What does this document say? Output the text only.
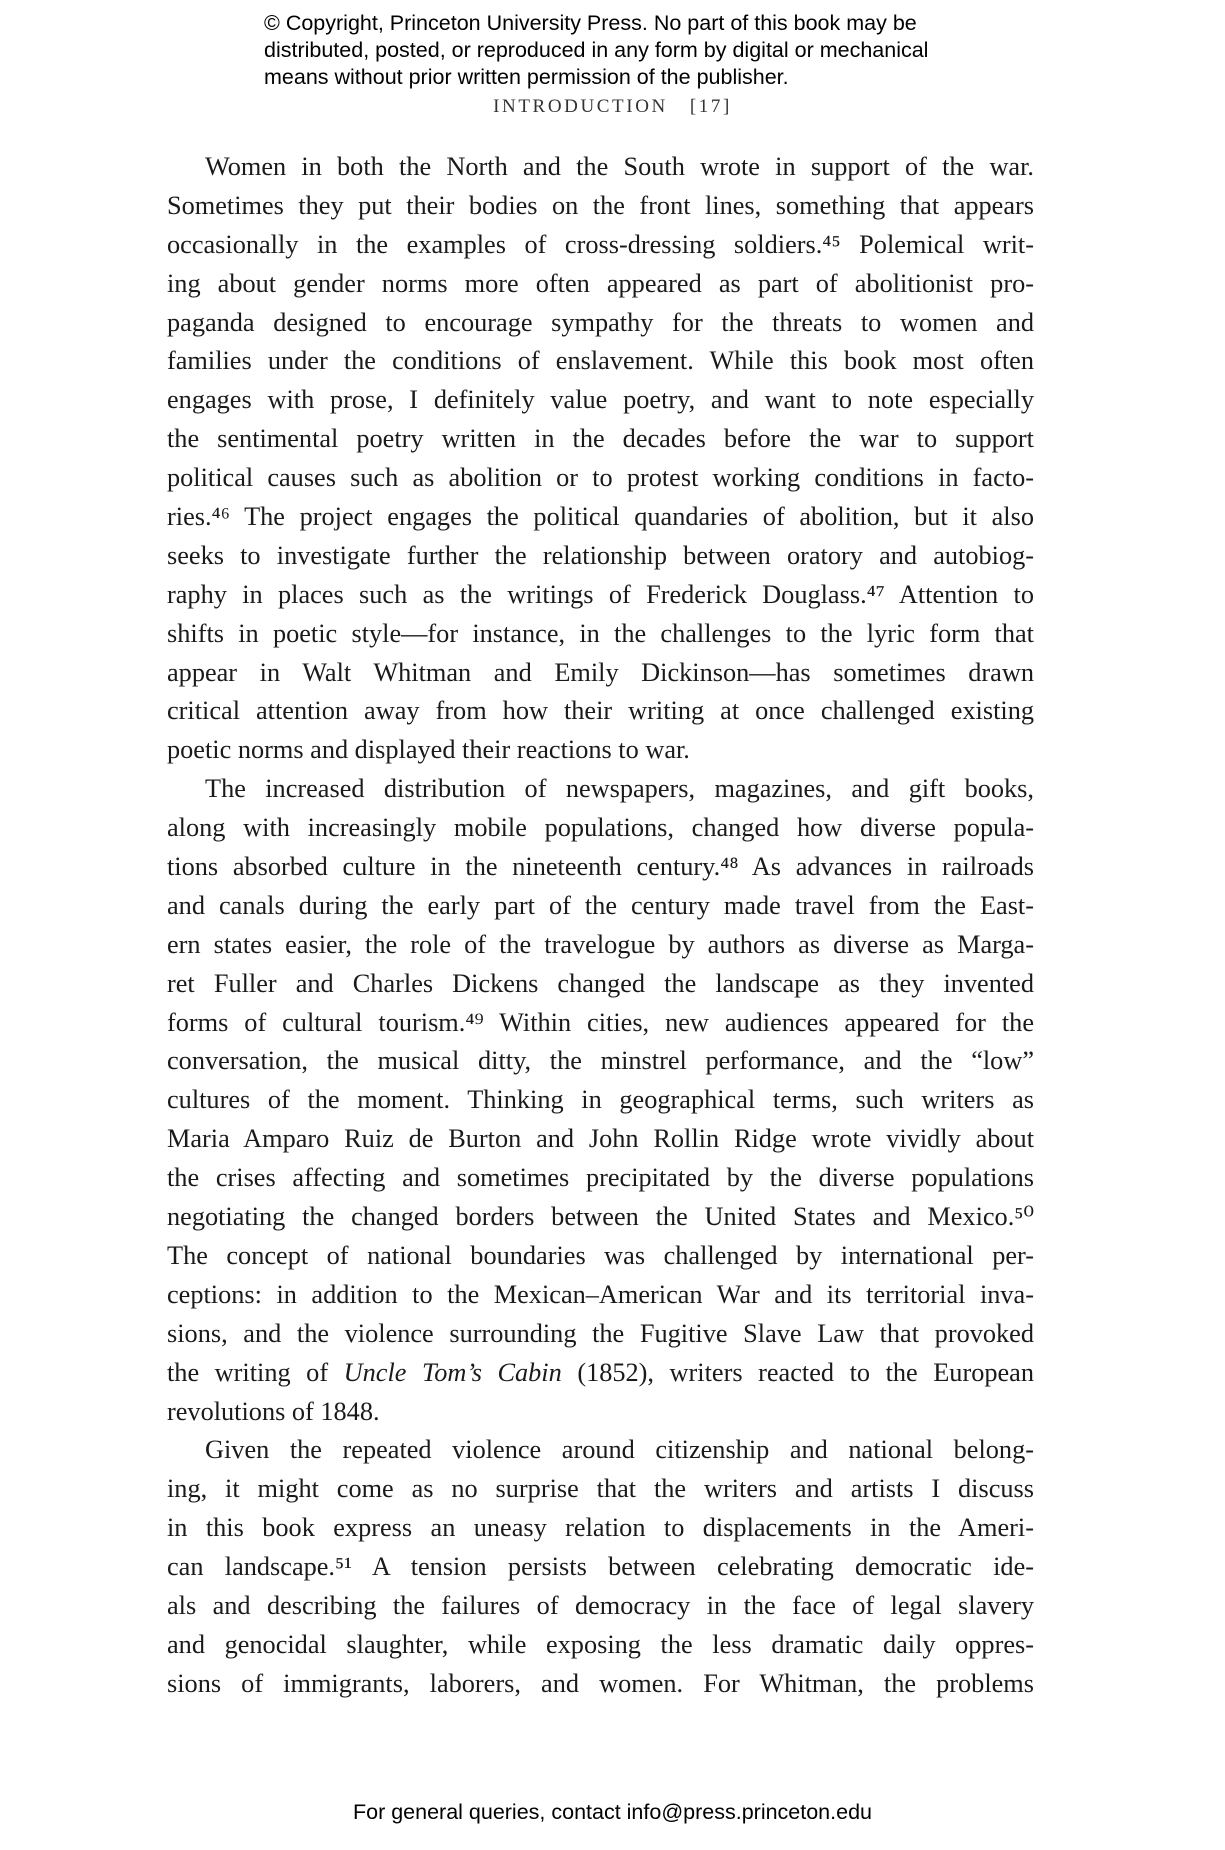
© Copyright, Princeton University Press. No part of this book may be
distributed, posted, or reproduced in any form by digital or mechanical
means without prior written permission of the publisher.
INTRODUCTION [17]
Women in both the North and the South wrote in support of the war.
Sometimes they put their bodies on the front lines, something that appears
occasionally in the examples of cross-dressing soldiers.⁴⁵ Polemical writ-
ing about gender norms more often appeared as part of abolitionist pro-
paganda designed to encourage sympathy for the threats to women and
families under the conditions of enslavement. While this book most often
engages with prose, I definitely value poetry, and want to note especially
the sentimental poetry written in the decades before the war to support
political causes such as abolition or to protest working conditions in facto-
ries.⁴⁶ The project engages the political quandaries of abolition, but it also
seeks to investigate further the relationship between oratory and autobiog-
raphy in places such as the writings of Frederick Douglass.⁴⁷ Attention to
shifts in poetic style—for instance, in the challenges to the lyric form that
appear in Walt Whitman and Emily Dickinson—has sometimes drawn
critical attention away from how their writing at once challenged existing
poetic norms and displayed their reactions to war.
The increased distribution of newspapers, magazines, and gift books,
along with increasingly mobile populations, changed how diverse popula-
tions absorbed culture in the nineteenth century.⁴⁸ As advances in railroads
and canals during the early part of the century made travel from the East-
ern states easier, the role of the travelogue by authors as diverse as Marga-
ret Fuller and Charles Dickens changed the landscape as they invented
forms of cultural tourism.⁴⁹ Within cities, new audiences appeared for the
conversation, the musical ditty, the minstrel performance, and the “low”
cultures of the moment. Thinking in geographical terms, such writers as
Maria Amparo Ruiz de Burton and John Rollin Ridge wrote vividly about
the crises affecting and sometimes precipitated by the diverse populations
negotiating the changed borders between the United States and Mexico.⁵⁰
The concept of national boundaries was challenged by international per-
ceptions: in addition to the Mexican–American War and its territorial inva-
sions, and the violence surrounding the Fugitive Slave Law that provoked
the writing of Uncle Tom’s Cabin (1852), writers reacted to the European
revolutions of 1848.
Given the repeated violence around citizenship and national belong-
ing, it might come as no surprise that the writers and artists I discuss
in this book express an uneasy relation to displacements in the Ameri-
can landscape.⁵¹ A tension persists between celebrating democratic ide-
als and describing the failures of democracy in the face of legal slavery
and genocidal slaughter, while exposing the less dramatic daily oppres-
sions of immigrants, laborers, and women. For Whitman, the problems
For general queries, contact info@press.princeton.edu
